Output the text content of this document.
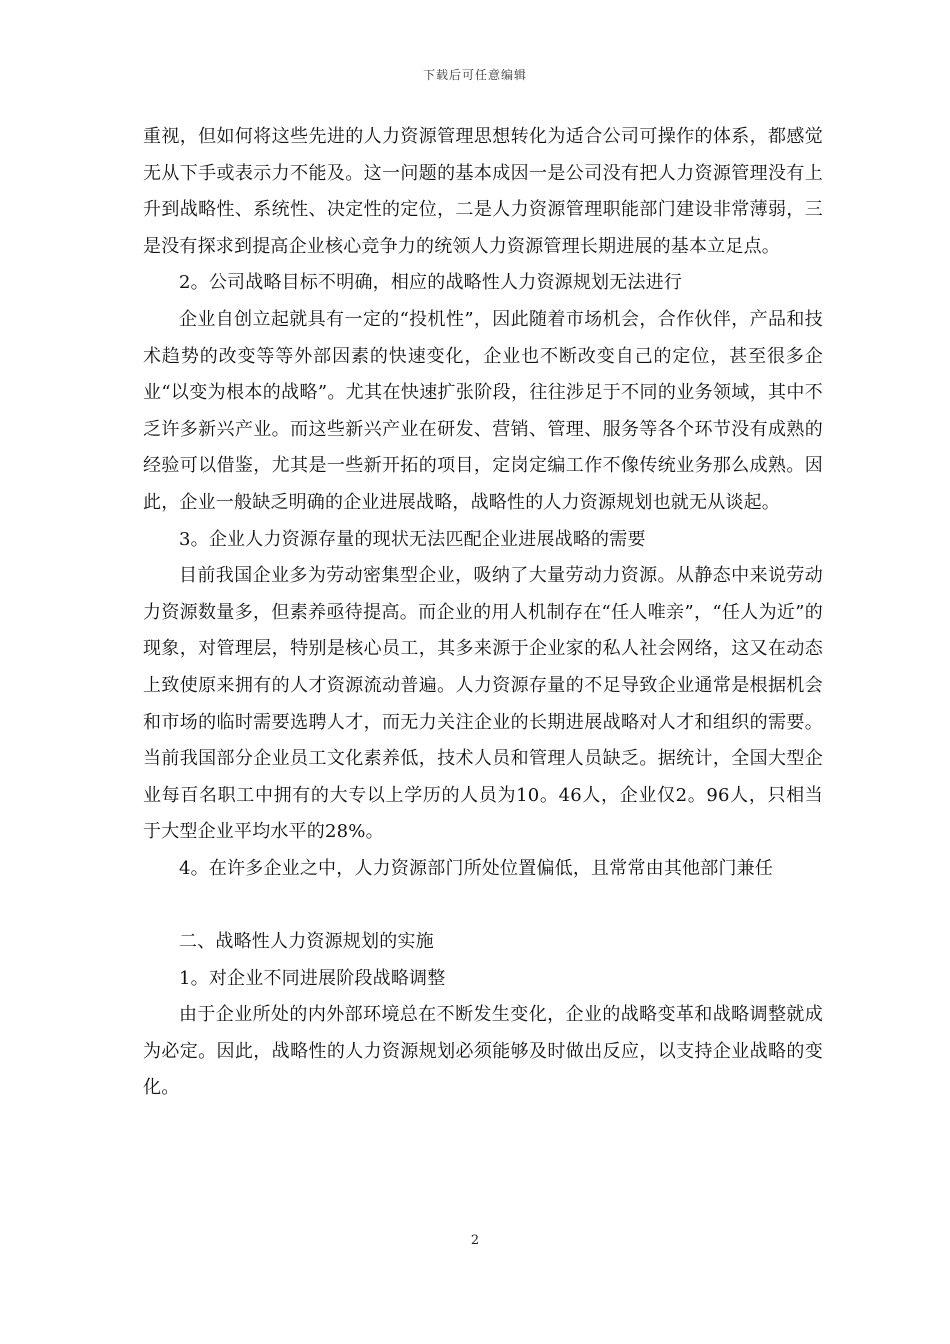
下载后可任意编辑

重视，但如何将这些先进的人力资源管理思想转化为适合公司可操作的体系，都感觉无从下手或表示力不能及。这一问题的基本成因一是公司没有把人力资源管理没有上升到战略性、系统性、决定性的定位，二是人力资源管理职能部门建设非常薄弱，三是没有探求到提高企业核心竞争力的统领人力资源管理长期进展的基本立足点。

2。公司战略目标不明确，相应的战略性人力资源规划无法进行

企业自创立起就具有一定的“投机性”，因此随着市场机会，合作伙伴，产品和技术趋势的改变等等外部因素的快速变化，企业也不断改变自己的定位，甚至很多企业“以变为根本的战略”。尤其在快速扩张阶段，往往涉足于不同的业务领域，其中不乏许多新兴产业。而这些新兴产业在研发、营销、管理、服务等各个环节没有成熟的经验可以借鉴，尤其是一些新开拓的项目，定岗定编工作不像传统业务那么成熟。因此，企业一般缺乏明确的企业进展战略，战略性的人力资源规划也就无从谈起。

3。企业人力资源存量的现状无法匹配企业进展战略的需要

目前我国企业多为劳动密集型企业，吸纳了大量劳动力资源。从静态中来说劳动力资源数量多，但素养亟待提高。而企业的用人机制存在“任人唯亲”，“任人为近”的现象，对管理层，特别是核心员工，其多来源于企业家的私人社会网络，这又在动态上致使原来拥有的人才资源流动普遍。人力资源存量的不足导致企业通常是根据机会和市场的临时需要选聘人才，而无力关注企业的长期进展战略对人才和组织的需要。当前我国部分企业员工文化素养低，技术人员和管理人员缺乏。据统计，全国大型企业每百名职工中拥有的大专以上学历的人员为10。46人，企业仅2。96人，只相当于大型企业平均水平的28%。

4。在许多企业之中，人力资源部门所处位置偏低，且常常由其他部门兼任

二、战略性人力资源规划的实施

1。对企业不同进展阶段战略调整

由于企业所处的内外部环境总在不断发生变化，企业的战略变革和战略调整就成为必定。因此，战略性的人力资源规划必须能够及时做出反应，以支持企业战略的变化。

2
